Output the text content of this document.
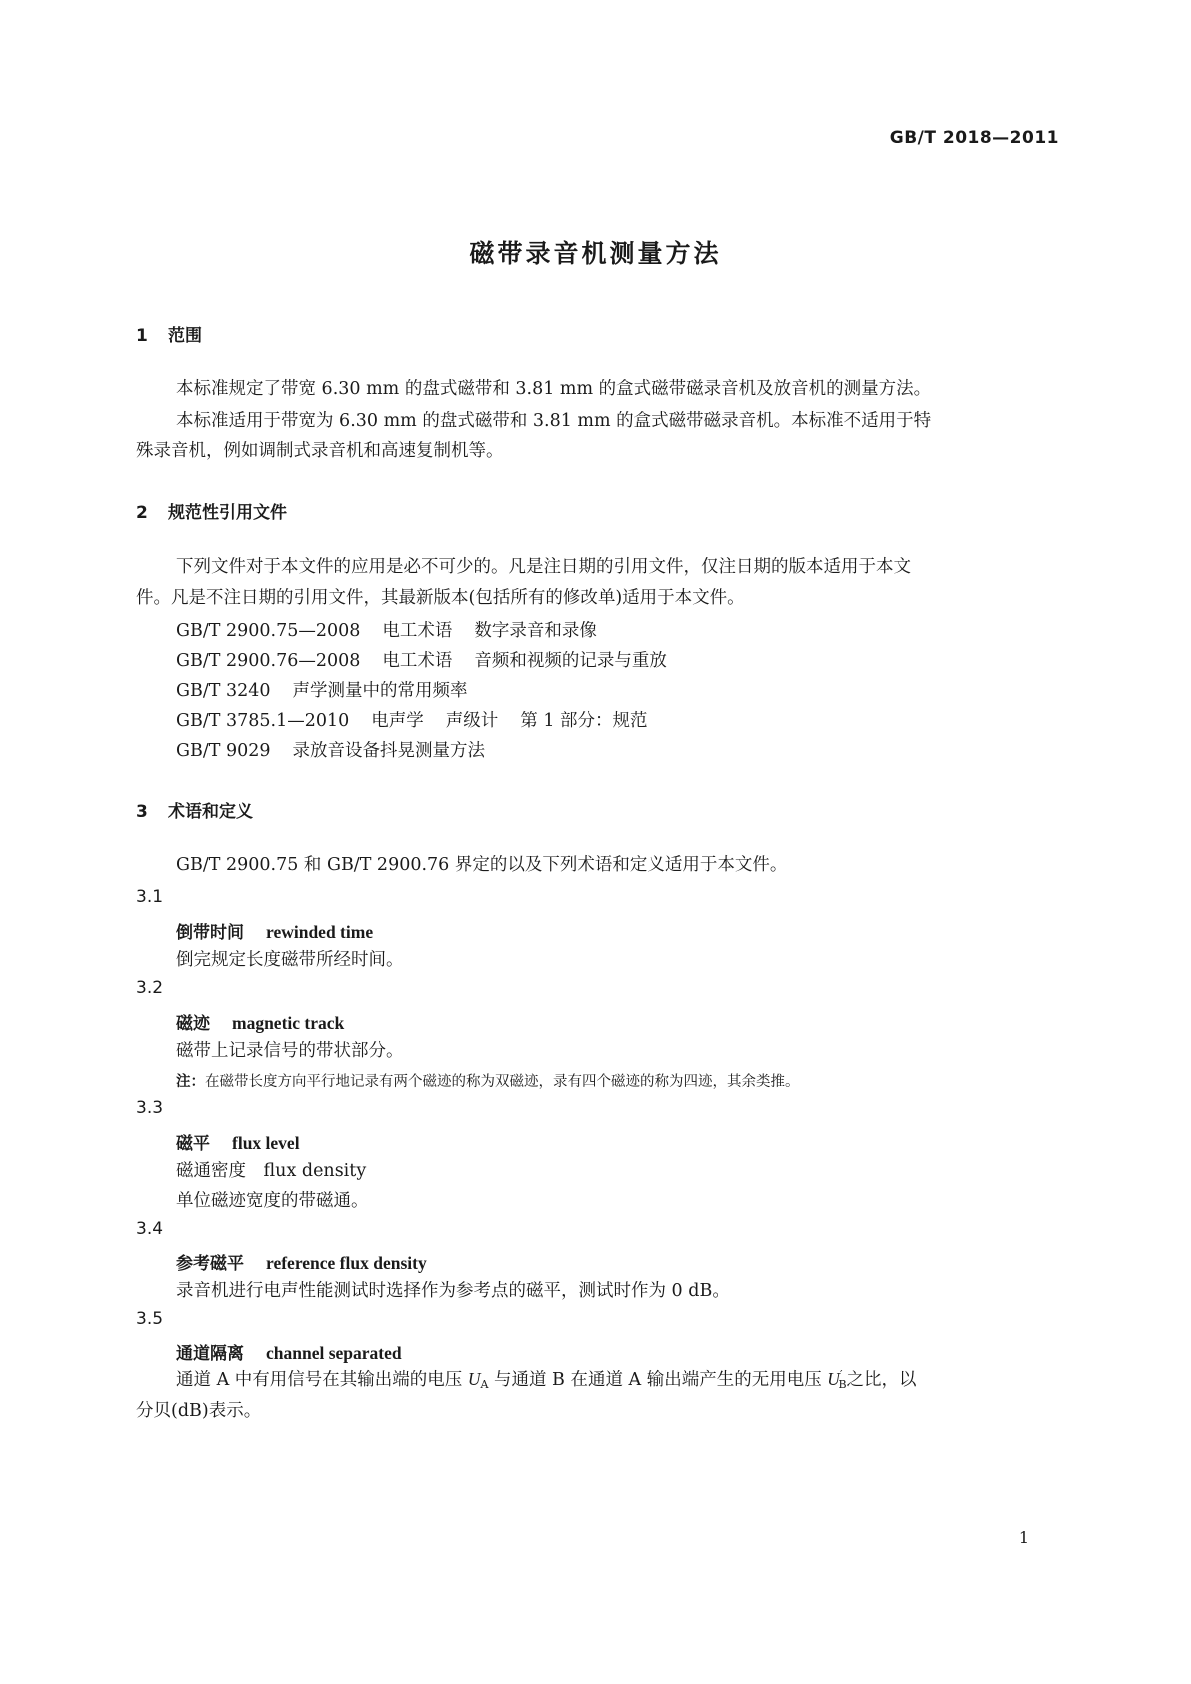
GB/T 2018—2011
磁带录音机测量方法
1 范围
本标准规定了带宽 6.30 mm 的盘式磁带和 3.81 mm 的盒式磁带磁录音机及放音机的测量方法。
本标准适用于带宽为 6.30 mm 的盘式磁带和 3.81 mm 的盒式磁带磁录音机。本标准不适用于特
殊录音机，例如调制式录音机和高速复制机等。
2 规范性引用文件
下列文件对于本文件的应用是必不可少的。凡是注日期的引用文件，仅注日期的版本适用于本文
件。凡是不注日期的引用文件，其最新版本(包括所有的修改单)适用于本文件。
GB/T 2900.75—2008 电工术语 数字录音和录像
GB/T 2900.76—2008 电工术语 音频和视频的记录与重放
GB/T 3240 声学测量中的常用频率
GB/T 3785.1—2010 电声学 声级计 第 1 部分：规范
GB/T 9029 录放音设备抖晃测量方法
3 术语和定义
GB/T 2900.75 和 GB/T 2900.76 界定的以及下列术语和定义适用于本文件。
3.1
倒带时间 rewinded time
倒完规定长度磁带所经时间。
3.2
磁迹 magnetic track
磁带上记录信号的带状部分。
注：在磁带长度方向平行地记录有两个磁迹的称为双磁迹，录有四个磁迹的称为四迹，其余类推。
3.3
磁平 flux level
磁通密度　flux density
单位磁迹宽度的带磁通。
3.4
参考磁平 reference flux density
录音机进行电声性能测试时选择作为参考点的磁平，测试时作为 0 dB。
3.5
通道隔离 channel separated
通道 A 中有用信号在其输出端的电压 $U_A$ 与通道 B 在通道 A 输出端产生的无用电压 $U'_B$之比，以
分贝(dB)表示。
1
